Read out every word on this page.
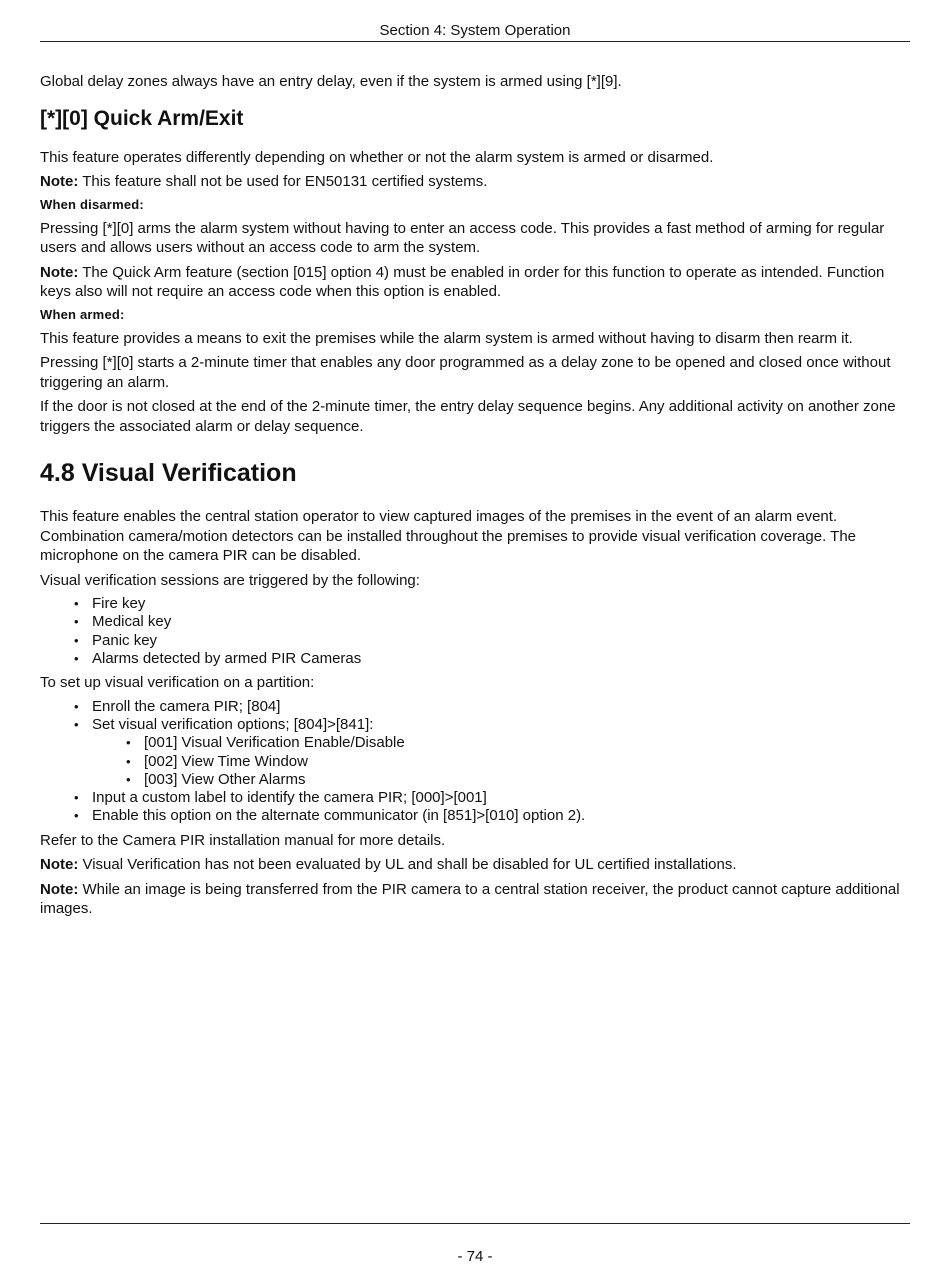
Section 4: System Operation

Global delay zones always have an entry delay, even if the system is armed using [*][9].

[*][0] Quick Arm/Exit

This feature operates differently depending on whether or not the alarm system is armed or disarmed.

Note: This feature shall not be used for EN50131 certified systems.

When disarmed:

Pressing [*][0] arms the alarm system without having to enter an access code. This provides a fast method of arming for regular users and allows users without an access code to arm the system.

Note: The Quick Arm feature (section [015] option 4) must be enabled in order for this function to operate as intended. Function keys also will not require an access code when this option is enabled.

When armed:

This feature provides a means to exit the premises while the alarm system is armed without having to disarm then rearm it.

Pressing [*][0] starts a 2-minute timer that enables any door programmed as a delay zone to be opened and closed once without triggering an alarm.

If the door is not closed at the end of the 2-minute timer, the entry delay sequence begins. Any additional activity on another zone triggers the associated alarm or delay sequence.

4.8 Visual Verification

This feature enables the central station operator to view captured images of the premises in the event of an alarm event. Combination camera/motion detectors can be installed throughout the premises to provide visual verification coverage. The microphone on the camera PIR can be disabled.

Visual verification sessions are triggered by the following:

• Fire key
• Medical key
• Panic key
• Alarms detected by armed PIR Cameras

To set up visual verification on a partition:

• Enroll the camera PIR; [804]
• Set visual verification options; [804]>[841]:
• [001] Visual Verification Enable/Disable
• [002] View Time Window
• [003] View Other Alarms
• Input a custom label to identify the camera PIR; [000]>[001]
• Enable this option on the alternate communicator (in [851]>[010] option 2).

Refer to the Camera PIR installation manual for more details.

Note: Visual Verification has not been evaluated by UL and shall be disabled for UL certified installations.

Note: While an image is being transferred from the PIR camera to a central station receiver, the product cannot capture additional images.

- 74 -
